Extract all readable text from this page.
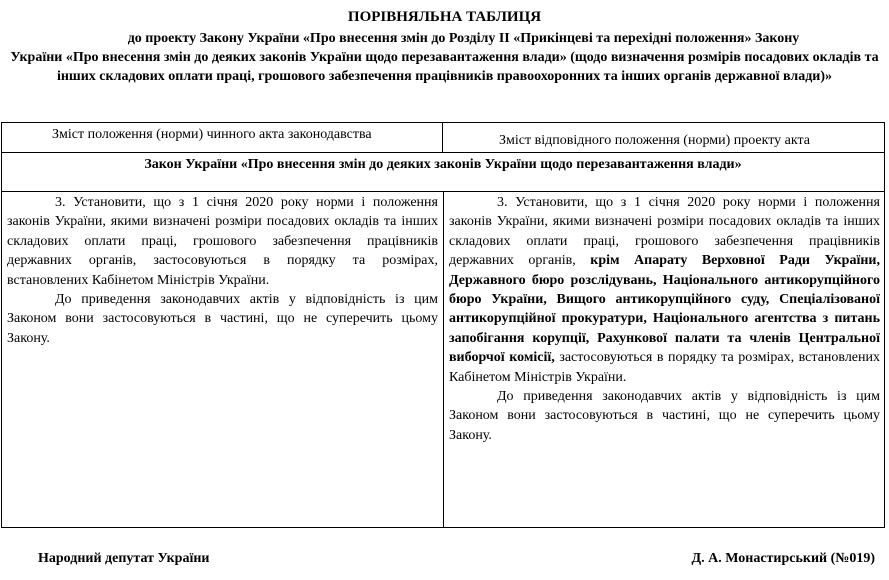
ПОРІВНЯЛЬНА ТАБЛИЦЯ
до проекту Закону України «Про внесення змін до Розділу ІІ «Прикінцеві та перехідні положення» Закону
України «Про внесення змін до деяких законів України щодо перезавантаження влади» (щодо визначення розмірів посадових окладів та інших складових оплати праці, грошового забезпечення працівників правоохоронних та інших органів державної влади)»
Зміст положення (норми) чинного акта законодавства	Зміст відповідного положення (норми) проекту акта
Закон України «Про внесення змін до деяких законів України щодо перезавантаження влади»

3. Установити, що з 1 січня 2020 року норми і положення законів України, якими визначені розміри посадових окладів та інших складових оплати праці, грошового забезпечення працівників державних органів, застосовуються в порядку та розмірах, встановлених Кабінетом Міністрів України.

До приведення законодавчих актів у відповідність із цим Законом вони застосовуються в частині, що не суперечить цьому Закону.

3. Установити, що з 1 січня 2020 року норми і положення законів України, якими визначені розміри посадових окладів та інших складових оплати праці, грошового забезпечення працівників державних органів, крім Апарату Верховної Ради України, Державного бюро розслідувань, Національного антикорупційного бюро України, Вищого антикорупційного суду, Спеціалізованої антикорупційної прокуратури, Національного агентства з питань запобігання корупції, Рахункової палати та членів Центральної виборчої комісії, застосовуються в порядку та розмірах, встановлених Кабінетом Міністрів України.

До приведення законодавчих актів у відповідність із цим Законом вони застосовуються в частині, що не суперечить цьому Закону.

Народний депутат України	Д. А. Монастирський (№019)
